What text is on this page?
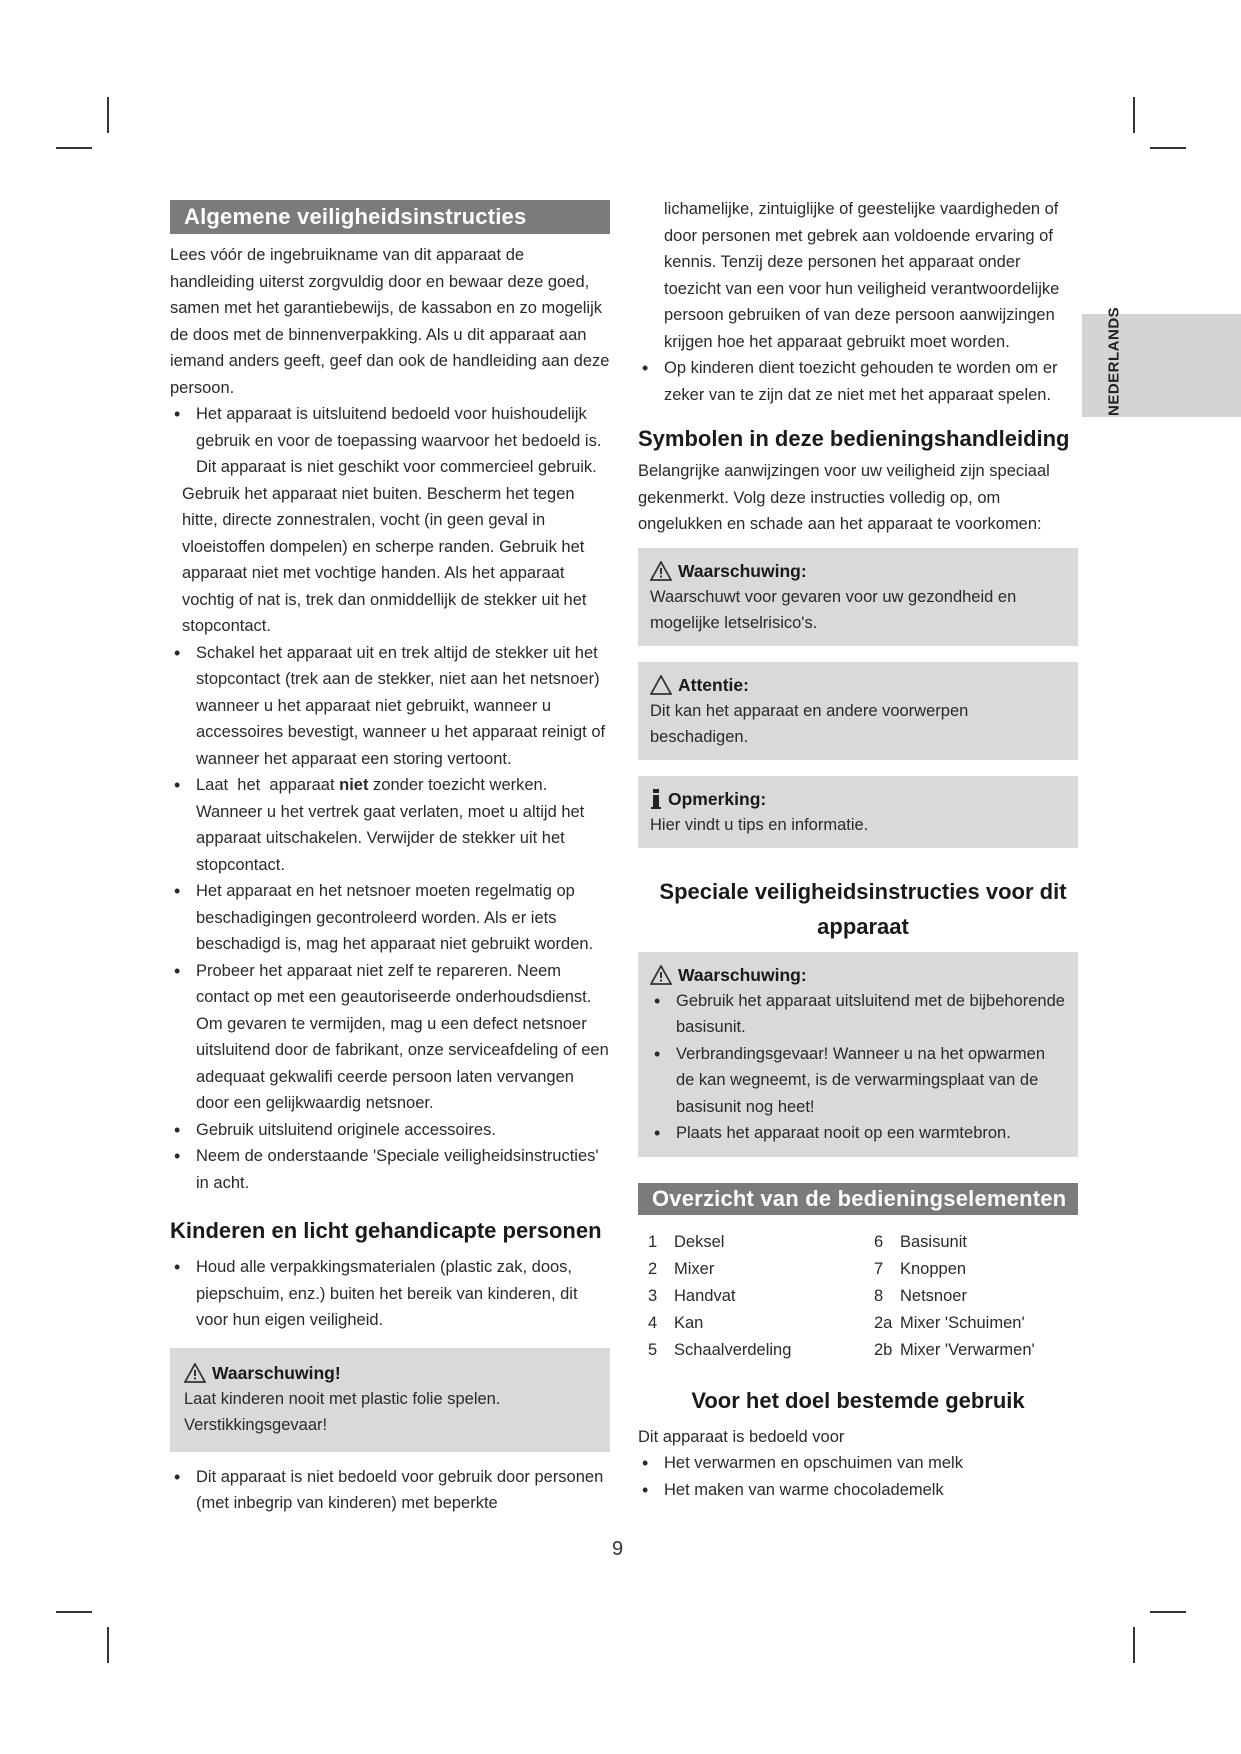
NEDERLANDS
Algemene veiligheidsinstructies

Lees vóór de ingebruikname van dit apparaat de handleiding uiterst zorgvuldig door en bewaar deze goed, samen met het garantiebewijs, de kassabon en zo mogelijk de doos met de binnenverpakking. Als u dit apparaat aan iemand anders geeft, geef dan ook de handleiding aan deze persoon.

• Het apparaat is uitsluitend bedoeld voor huishoudelijk gebruik en voor de toepassing waarvoor het bedoeld is. Dit apparaat is niet geschikt voor commercieel gebruik.

Gebruik het apparaat niet buiten. Bescherm het tegen hitte, directe zonnestralen, vocht (in geen geval in vloeistoffen dompelen) en scherpe randen. Gebruik het apparaat niet met vochtige handen. Als het apparaat vochtig of nat is, trek dan onmiddellijk de stekker uit het stopcontact.

• Schakel het apparaat uit en trek altijd de stekker uit het stopcontact (trek aan de stekker, niet aan het netsnoer) wanneer u het apparaat niet gebruikt, wanneer u accessoires bevestigt, wanneer u het apparaat reinigt of wanneer het apparaat een storing vertoont.
• Laat  het  apparaat niet zonder toezicht werken. Wanneer u het vertrek gaat verlaten, moet u altijd het apparaat uitschakelen. Verwijder de stekker uit het stopcontact.
• Het apparaat en het netsnoer moeten regelmatig op beschadigingen gecontroleerd worden. Als er iets beschadigd is, mag het apparaat niet gebruikt worden.
• Probeer het apparaat niet zelf te repareren. Neem contact op met een geautoriseerde onderhoudsdienst. Om gevaren te vermijden, mag u een defect netsnoer uitsluitend door de fabrikant, onze serviceafdeling of een adequaat gekwalifi ceerde persoon laten vervangen door een gelijkwaardig netsnoer.
• Gebruik uitsluitend originele accessoires.
• Neem de onderstaande 'Speciale veiligheidsinstructies' in acht.
Kinderen en licht gehandicapte personen
• Houd alle verpakkingsmaterialen (plastic zak, doos, piepschuim, enz.) buiten het bereik van kinderen, dit voor hun eigen veiligheid.
Waarschuwing!
Laat kinderen nooit met plastic folie spelen. Verstikkingsgevaar!
• Dit apparaat is niet bedoeld voor gebruik door personen (met inbegrip van kinderen) met beperkte

lichamelijke, zintuiglijke of geestelijke vaardigheden of door personen met gebrek aan voldoende ervaring of kennis. Tenzij deze personen het apparaat onder toezicht van een voor hun veiligheid verantwoordelijke persoon gebruiken of van deze persoon aanwijzingen krijgen hoe het apparaat gebruikt moet worden.

• Op kinderen dient toezicht gehouden te worden om er zeker van te zijn dat ze niet met het apparaat spelen.
Symbolen in deze bedieningshandleiding

Belangrijke aanwijzingen voor uw veiligheid zijn speciaal gekenmerkt. Volg deze instructies volledig op, om ongelukken en schade aan het apparaat te voorkomen:

Waarschuwing:
Waarschuwt voor gevaren voor uw gezondheid en mogelijke letselrisico's.
Attentie:
Dit kan het apparaat en andere voorwerpen beschadigen.
Opmerking:
Hier vindt u tips en informatie.
Speciale veiligheidsinstructies voor dit apparaat
Waarschuwing:
• Gebruik het apparaat uitsluitend met de bijbehorende basisunit.
• Verbrandingsgevaar! Wanneer u na het opwarmen de kan wegneemt, is de verwarmingsplaat van de basisunit nog heet!
• Plaats het apparaat nooit op een warmtebron.
Overzicht van de bedieningselementen
1	Deksel	6	Basisunit
2	Mixer	7	Knoppen
3	Handvat	8	Netsnoer
4	Kan	2a Mixer 'Schuimen'
5	Schaalverdeling	2b Mixer 'Verwarmen'
Voor het doel bestemde gebruik

Dit apparaat is bedoeld voor

• Het verwarmen en opschuimen van melk
• Het maken van warme chocolademelk
9
